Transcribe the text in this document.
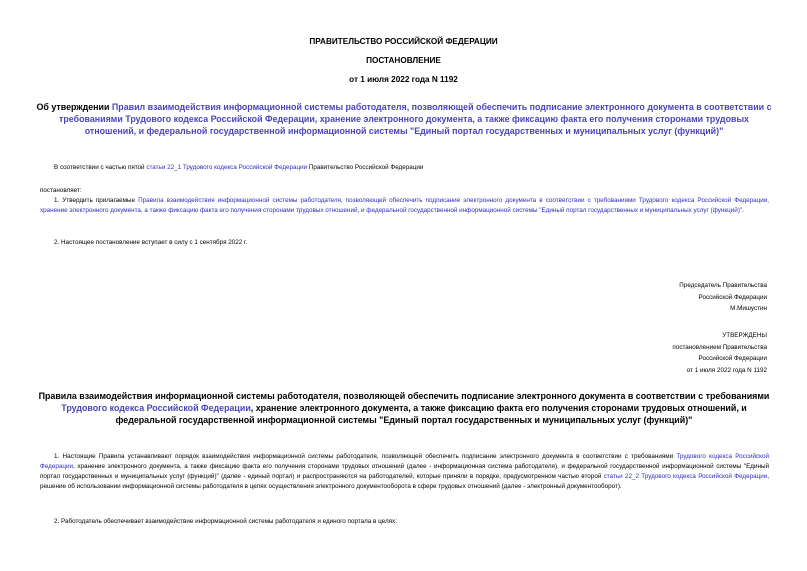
ПРАВИТЕЛЬСТВО РОССИЙСКОЙ ФЕДЕРАЦИИ
ПОСТАНОВЛЕНИЕ
от 1 июля 2022 года N 1192
Об утверждении Правил взаимодействия информационной системы работодателя, позволяющей обеспечить подписание электронного документа в соответствии с требованиями Трудового кодекса Российской Федерации, хранение электронного документа, а также фиксацию факта его получения сторонами трудовых отношений, и федеральной государственной информационной системы "Единый портал государственных и муниципальных услуг (функций)"
В соответствии с частью пятой статьи 22_1 Трудового кодекса Российской Федерации Правительство Российской Федерации
постановляет:
1. Утвердить прилагаемые Правила взаимодействия информационной системы работодателя, позволяющей обеспечить подписание электронного документа в соответствии с требованиями Трудового кодекса Российской Федерации, хранение электронного документа, а также фиксацию факта его получения сторонами трудовых отношений, и федеральной государственной информационной системы "Единый портал государственных и муниципальных услуг (функций)".
2. Настоящее постановление вступает в силу с 1 сентября 2022 г.
Председатель Правительства
Российской Федерации
М.Мишустин
УТВЕРЖДЕНЫ
постановлением Правительства
Российской Федерации
от 1 июля 2022 года N 1192
Правила взаимодействия информационной системы работодателя, позволяющей обеспечить подписание электронного документа в соответствии с требованиями Трудового кодекса Российской Федерации, хранение электронного документа, а также фиксацию факта его получения сторонами трудовых отношений, и федеральной государственной информационной системы "Единый портал государственных и муниципальных услуг (функций)"
1. Настоящие Правила устанавливают порядок взаимодействия информационной системы работодателя, позволяющей обеспечить подписание электронного документа в соответствии с требованиями Трудового кодекса Российской Федерации, хранение электронного документа, а также фиксацию факта его получения сторонами трудовых отношений (далее - информационная система работодателя), и федеральной государственной информационной системы "Единый портал государственных и муниципальных услуг (функций)" (далее - единый портал) и распространяются на работодателей, которые приняли в порядке, предусмотренном частью второй статьи 22_2 Трудового кодекса Российской Федерации, решение об использовании информационной системы работодателя в целях осуществления электронного документооборота в сфере трудовых отношений (далее - электронный документооборот).
2. Работодатель обеспечивает взаимодействие информационной системы работодателя и единого портала в целях:
